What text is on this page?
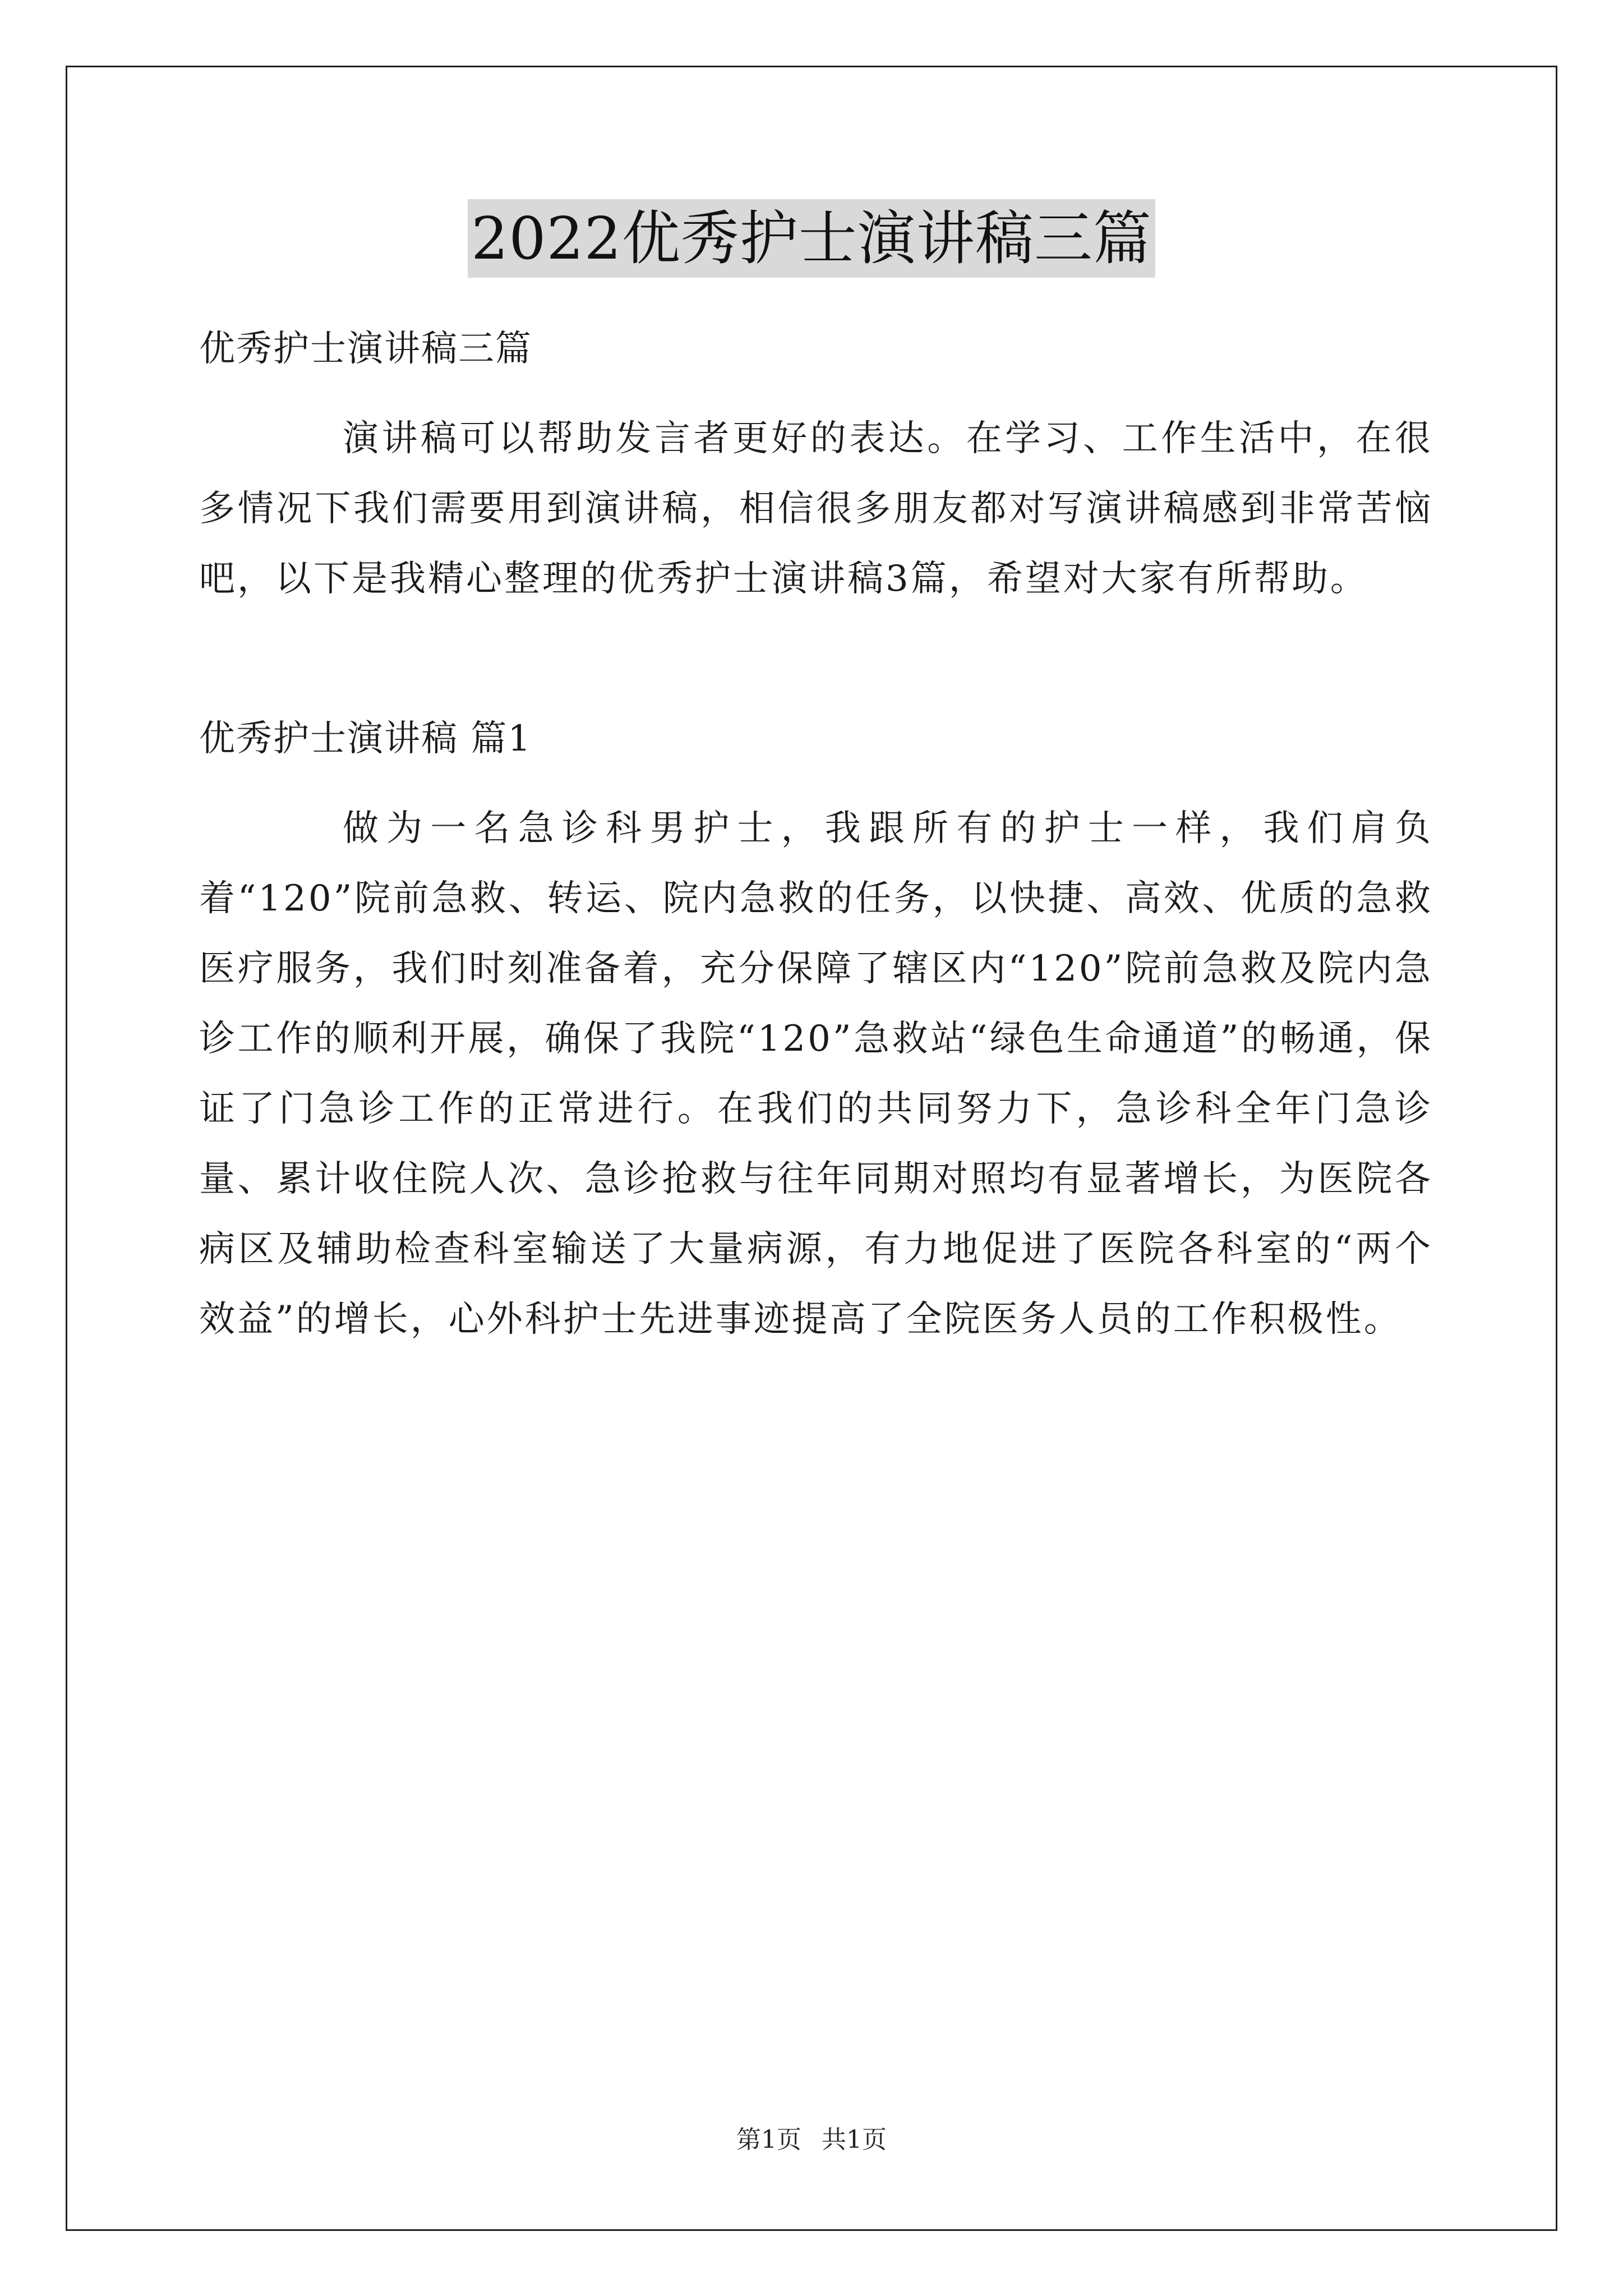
2022优秀护士演讲稿三篇

优秀护士演讲稿三篇

演讲稿可以帮助发言者更好的表达。在学习、工作生活中，在很多情况下我们需要用到演讲稿，相信很多朋友都对写演讲稿感到非常苦恼吧，以下是我精心整理的优秀护士演讲稿3篇，希望对大家有所帮助。

优秀护士演讲稿 篇1

做为一名急诊科男护士，我跟所有的护士一样，我们肩负着“120”院前急救、转运、院内急救的任务，以快捷、高效、优质的急救医疗服务，我们时刻准备着，充分保障了辖区内“120”院前急救及院内急诊工作的顺利开展，确保了我院“120”急救站“绿色生命通道”的畅通，保证了门急诊工作的正常进行。在我们的共同努力下，急诊科全年门急诊量、累计收住院人次、急诊抢救与往年同期对照均有显著增长，为医院各病区及辅助检查科室输送了大量病源，有力地促进了医院各科室的“两个效益”的增长，心外科护士先进事迹提高了全院医务人员的工作积极性。

第1页 共1页
